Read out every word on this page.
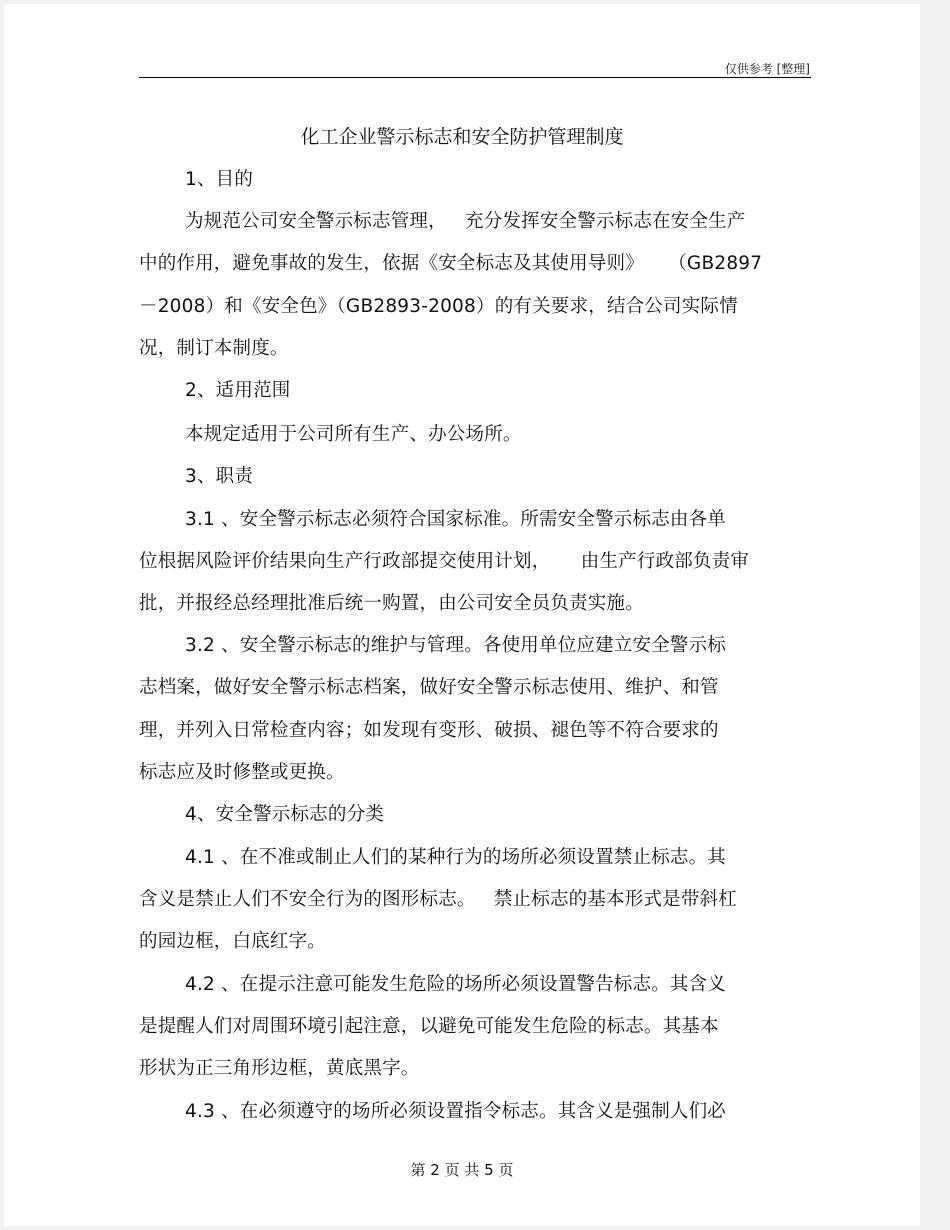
仅供参考 [整理]
化工企业警示标志和安全防护管理制度
1、目的
为规范公司安全警示标志管理，   充分发挥安全警示标志在安全生产
中的作用，避免事故的发生，依据《安全标志及其使用导则》    （GB2897
－2008）和《安全色》（GB2893-2008）的有关要求，结合公司实际情
况，制订本制度。
2、适用范围
本规定适用于公司所有生产、办公场所。
3、职责
3.1 、安全警示标志必须符合国家标准。所需安全警示标志由各单
位根据风险评价结果向生产行政部提交使用计划，     由生产行政部负责审
批，并报经总经理批准后统一购置，由公司安全员负责实施。
3.2 、安全警示标志的维护与管理。各使用单位应建立安全警示标
志档案，做好安全警示标志档案，做好安全警示标志使用、维护、和管
理，并列入日常检查内容；如发现有变形、破损、褪色等不符合要求的
标志应及时修整或更换。
4、安全警示标志的分类
4.1 、在不准或制止人们的某种行为的场所必须设置禁止标志。其
含义是禁止人们不安全行为的图形标志。   禁止标志的基本形式是带斜杠
的园边框，白底红字。
4.2 、在提示注意可能发生危险的场所必须设置警告标志。其含义
是提醒人们对周围环境引起注意，以避免可能发生危险的标志。其基本
形状为正三角形边框，黄底黑字。
4.3 、在必须遵守的场所必须设置指令标志。其含义是强制人们必
第 2 页 共 5 页
